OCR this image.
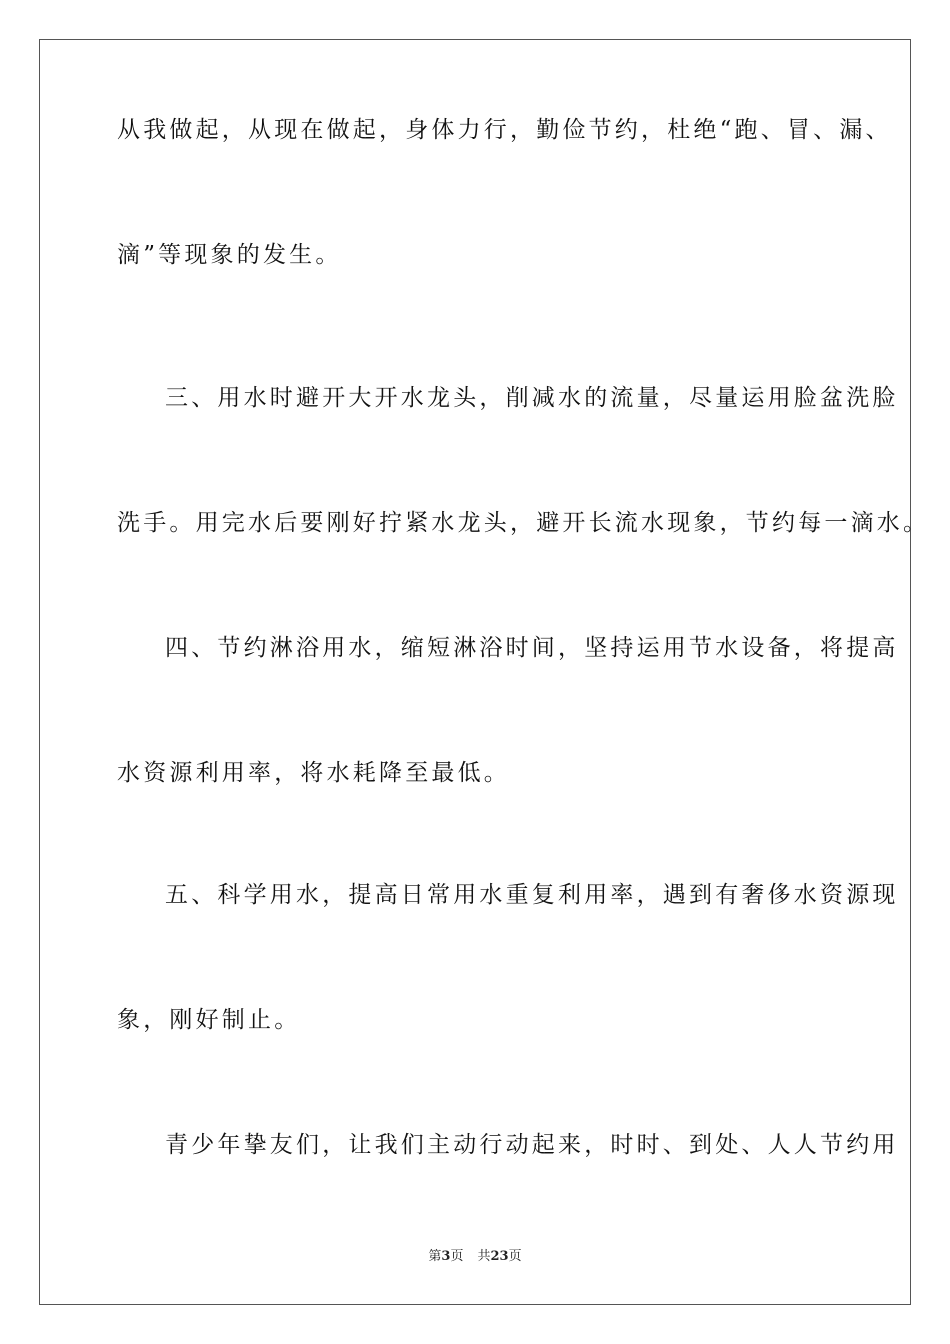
从我做起，从现在做起，身体力行，勤俭节约，杜绝“跑、冒、漏、
滴”等现象的发生。
三、用水时避开大开水龙头，削减水的流量，尽量运用脸盆洗脸
洗手。用完水后要刚好拧紧水龙头，避开长流水现象，节约每一滴水。
四、节约淋浴用水，缩短淋浴时间，坚持运用节水设备，将提高
水资源利用率，将水耗降至最低。
五、科学用水，提高日常用水重复利用率，遇到有奢侈水资源现
象，刚好制止。
青少年挚友们，让我们主动行动起来，时时、到处、人人节约用
第3页 共23页
